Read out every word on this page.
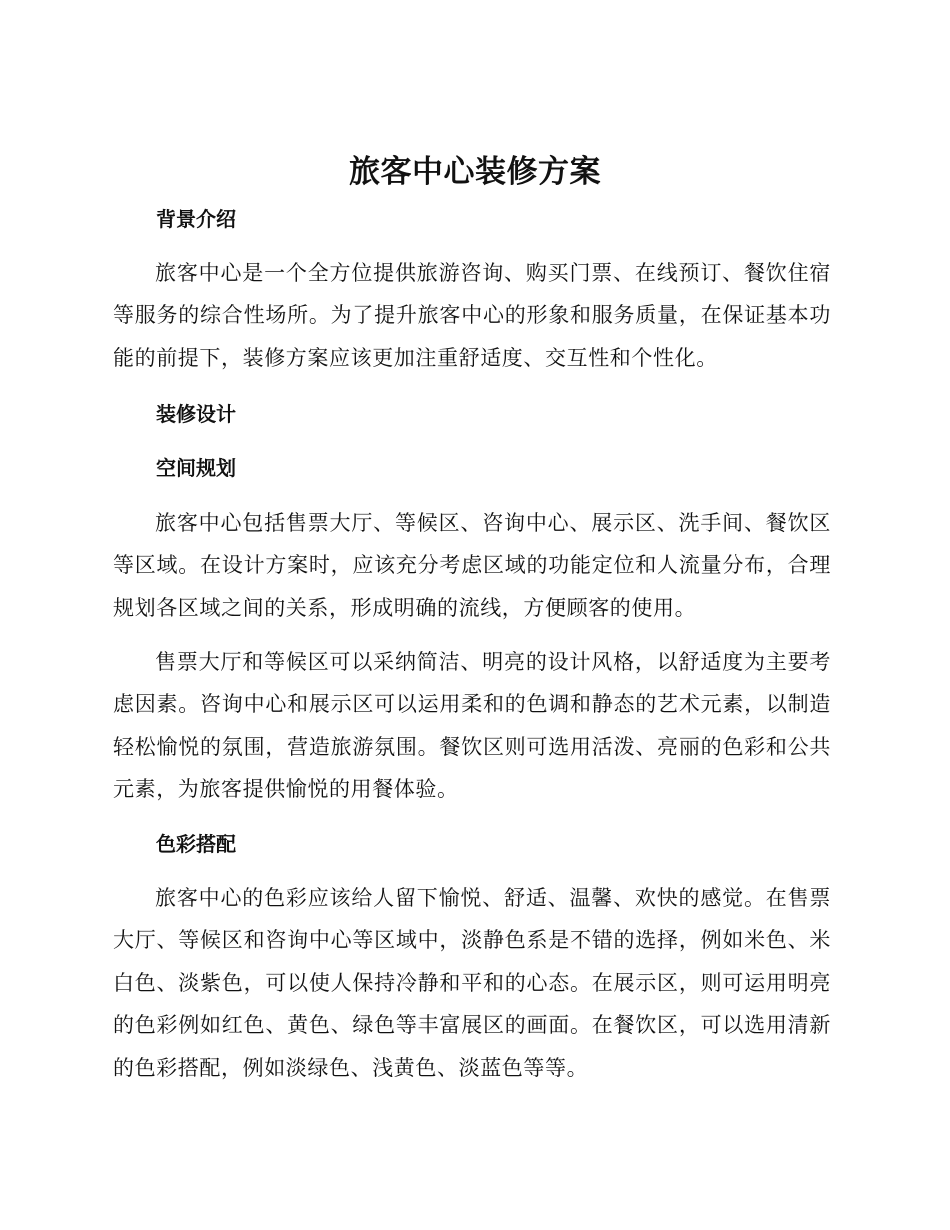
旅客中心装修方案
背景介绍

旅客中心是一个全方位提供旅游咨询、购买门票、在线预订、餐饮住宿等服务的综合性场所。为了提升旅客中心的形象和服务质量，在保证基本功能的前提下，装修方案应该更加注重舒适度、交互性和个性化。

装修设计
空间规划

旅客中心包括售票大厅、等候区、咨询中心、展示区、洗手间、餐饮区等区域。在设计方案时，应该充分考虑区域的功能定位和人流量分布，合理规划各区域之间的关系，形成明确的流线，方便顾客的使用。

售票大厅和等候区可以采纳简洁、明亮的设计风格，以舒适度为主要考虑因素。咨询中心和展示区可以运用柔和的色调和静态的艺术元素，以制造轻松愉悦的氛围，营造旅游氛围。餐饮区则可选用活泼、亮丽的色彩和公共元素，为旅客提供愉悦的用餐体验。

色彩搭配

旅客中心的色彩应该给人留下愉悦、舒适、温馨、欢快的感觉。在售票大厅、等候区和咨询中心等区域中，淡静色系是不错的选择，例如米色、米白色、淡紫色，可以使人保持冷静和平和的心态。在展示区，则可运用明亮的色彩例如红色、黄色、绿色等丰富展区的画面。在餐饮区，可以选用清新的色彩搭配，例如淡绿色、浅黄色、淡蓝色等等。
